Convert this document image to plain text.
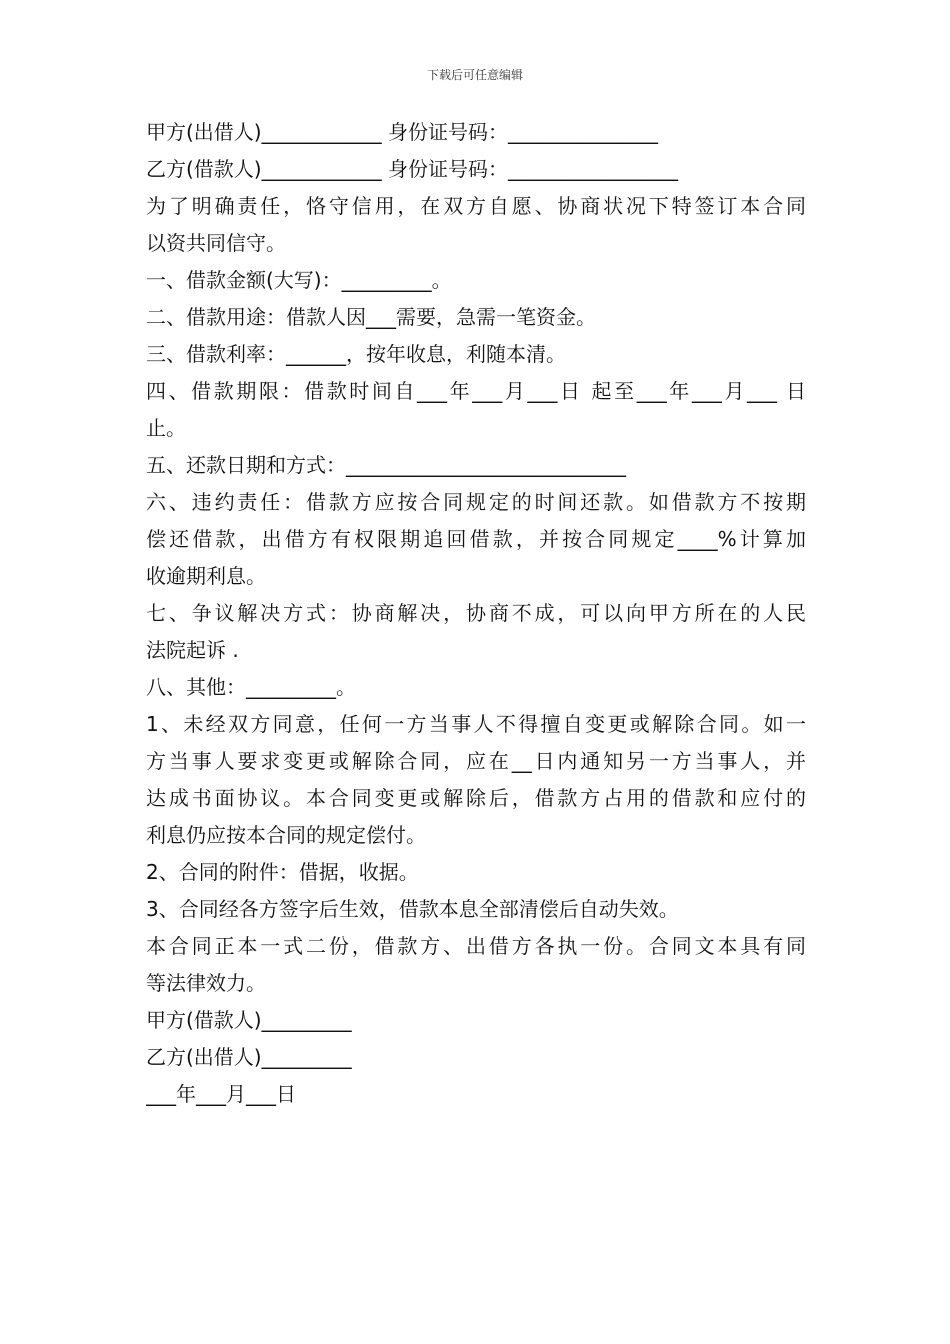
下载后可任意编辑
甲方(出借人)____________ 身份证号码：_______________
乙方(借款人)____________ 身份证号码：_________________
为了明确责任，恪守信用，在双方自愿、协商状况下特签订本合同
以资共同信守。
一、借款金额(大写)：_________。
二、借款用途：借款人因___需要，急需一笔资金。
三、借款利率：______，按年收息，利随本清。
四、借款期限：借款时间自___年___月___日 起至___年___月___ 日
止。
五、还款日期和方式：____________________________
六、违约责任：借款方应按合同规定的时间还款。如借款方不按期
偿还借款，出借方有权限期追回借款，并按合同规定____%计算加
收逾期利息。
七、争议解决方式：协商解决，协商不成，可以向甲方所在的人民
法院起诉 .
八、其他：_________。
1、未经双方同意，任何一方当事人不得擅自变更或解除合同。如一
方当事人要求变更或解除合同，应在__日内通知另一方当事人，并
达成书面协议。本合同变更或解除后，借款方占用的借款和应付的
利息仍应按本合同的规定偿付。
2、合同的附件：借据，收据。
3、合同经各方签字后生效，借款本息全部清偿后自动失效。
本合同正本一式二份，借款方、出借方各执一份。合同文本具有同
等法律效力。
甲方(借款人)_________
乙方(出借人)_________
___年___月___日
